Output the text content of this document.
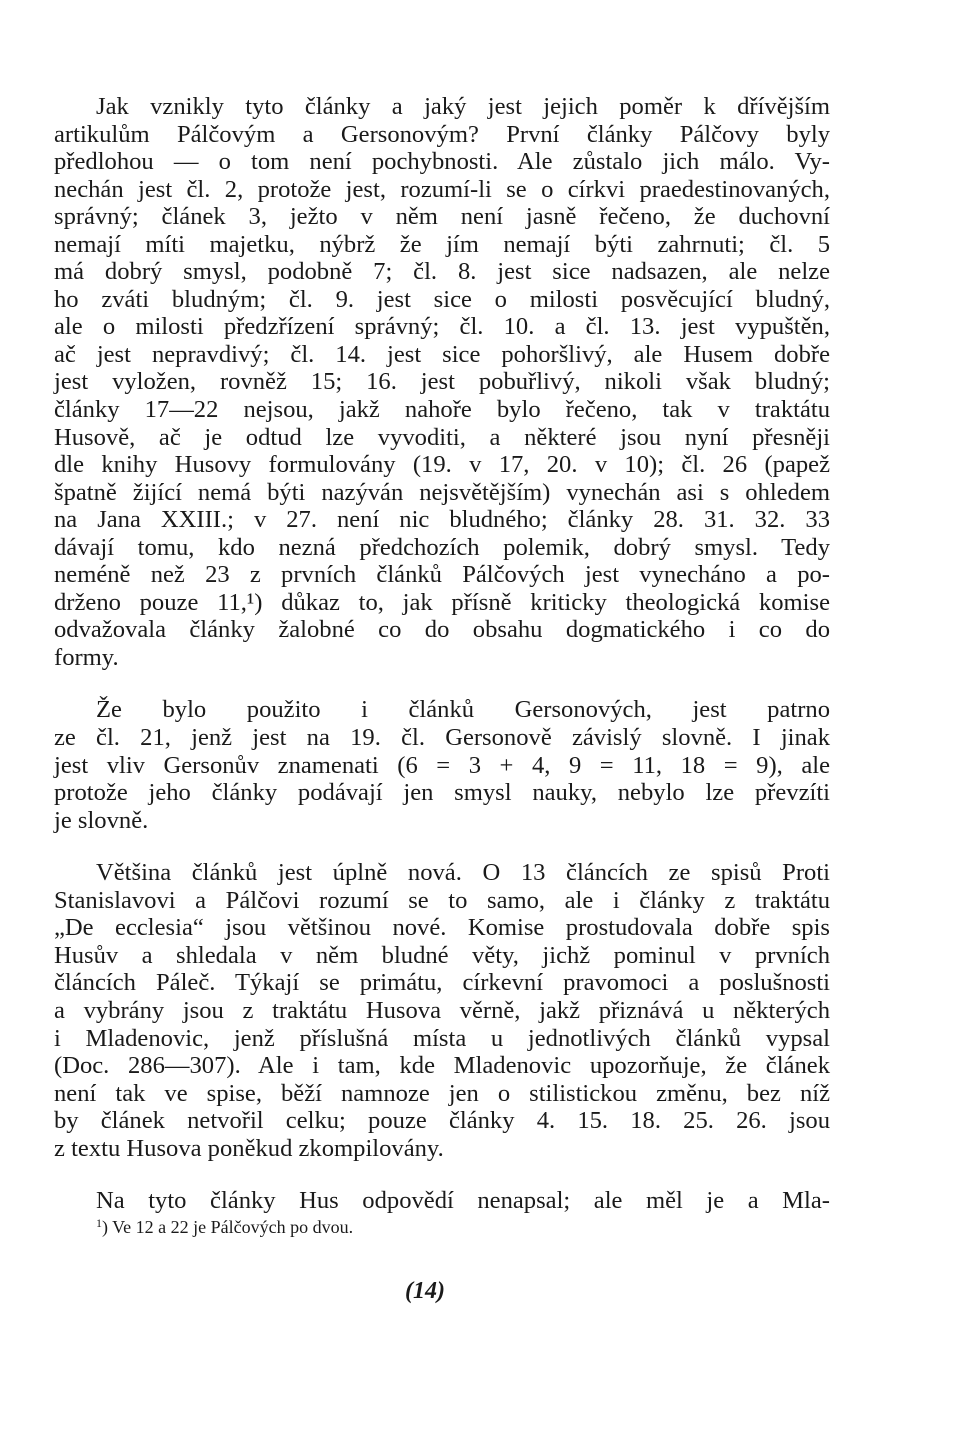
Jak vznikly tyto články a jaký jest jejich poměr k dřívějším
artikulům Pálčovým a Gersonovým? První články Pálčovy byly
předlohou — o tom není pochybnosti. Ale zůstalo jich málo. Vy-
nechán jest čl. 2, protože jest, rozumí-li se o církvi praedestinovaných,
správný; článek 3, ježto v něm není jasně řečeno, že duchovní
nemají míti majetku, nýbrž že jím nemají býti zahrnuti; čl. 5
má dobrý smysl, podobně 7; čl. 8. jest sice nadsazen, ale nelze
ho zváti bludným; čl. 9. jest sice o milosti posvěcující bludný,
ale o milosti předzřízení správný; čl. 10. a čl. 13. jest vypuštěn,
ač jest nepravdivý; čl. 14. jest sice pohoršlivý, ale Husem dobře
jest vyložen, rovněž 15; 16. jest pobuřlivý, nikoli však bludný;
články 17—22 nejsou, jakž nahoře bylo řečeno, tak v traktátu
Husově, ač je odtud lze vyvoditi, a některé jsou nyní přesněji
dle knihy Husovy formulovány (19. v 17, 20. v 10); čl. 26 (papež
špatně žijící nemá býti nazýván nejsvětějším) vynechán asi s ohledem
na Jana XXIII.; v 27. není nic bludného; články 28. 31. 32. 33
dávají tomu, kdo nezná předchozích polemik, dobrý smysl. Tedy
neméně než 23 z prvních článků Pálčových jest vynecháno a po-
drženo pouze 11,¹) důkaz to, jak přísně kriticky theologická komise
odvažovala články žalobné co do obsahu dogmatického i co do
formy.
Že bylo použito i článků Gersonových, jest patrno
ze čl. 21, jenž jest na 19. čl. Gersonově závislý slovně. I jinak
jest vliv Gersonův znamenati (6 = 3 + 4, 9 = 11, 18 = 9), ale
protože jeho články podávají jen smysl nauky, nebylo lze převzíti
je slovně.
Většina článků jest úplně nová. O 13 článcích ze spisů Proti
Stanislavovi a Pálčovi rozumí se to samo, ale i články z traktátu
„De ecclesia“ jsou většinou nové. Komise prostudovala dobře spis
Husův a shledala v něm bludné věty, jichž pominul v prvních
článcích Páleč. Týkají se primátu, církevní pravomoci a poslušnosti
a vybrány jsou z traktátu Husova věrně, jakž přiznává u některých
i Mladenovic, jenž příslušná místa u jednotlivých článků vypsal
(Doc. 286—307). Ale i tam, kde Mladenovic upozorňuje, že článek
není tak ve spise, běží namnoze jen o stilistickou změnu, bez níž
by článek netvořil celku; pouze články 4. 15. 18. 25. 26. jsou
z textu Husova poněkud zkompilovány.
Na tyto články Hus odpovědí nenapsal; ale měl je a Mla-
$^1$) Ve 12 a 22 je Pálčových po dvou.
(14)
